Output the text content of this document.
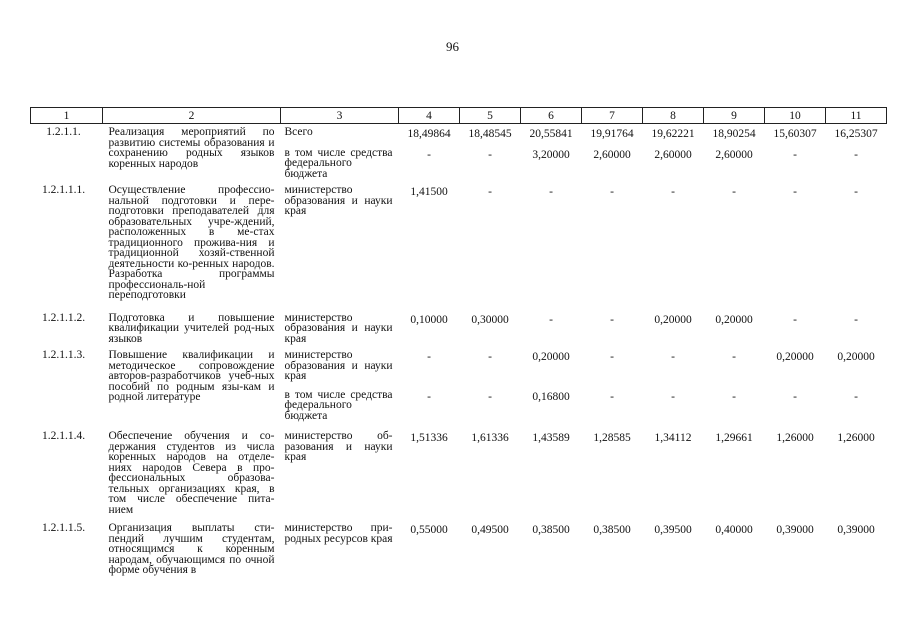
96
1	2	3	4	5	6	7	8	9	10	11
1.2.1.1.	Реализация мероприятий по развитию системы образования и сохранению родных языков коренных народов	Всего	18,49864	18,48545	20,55841	19,91764	19,62221	18,90254	15,60307	16,25307
		в том числе средства федерального бюджета	-	-	3,20000	2,60000	2,60000	2,60000	-	-
1.2.1.1.1.	Осуществление профессио-нальной подготовки и пере-подготовки преподавателей для образовательных учре-ждений, расположенных в ме-стах традиционного прожива-ния и традиционной хозяй-ственной деятельности ко-ренных народов. Разработка программы профессиональ-ной переподготовки	министерство образования и науки края	1,41500	-	-	-	-	-	-	-
1.2.1.1.2.	Подготовка и повышение квалификации учителей род-ных языков	министерство образования и науки края	0,10000	0,30000	-	-	0,20000	0,20000	-	-
1.2.1.1.3.	Повышение квалификации и методическое сопровождение авторов-разработчиков учеб-ных пособий по родным язы-кам и родной литературе	министерство образования и науки края	-	-	0,20000	-	-	-	0,20000	0,20000
		в том числе средства федерального бюджета	-	-	0,16800	-	-	-	-	-
1.2.1.1.4.	Обеспечение обучения и со-держания студентов из числа коренных народов на отделе-ниях народов Севера в про-фессиональных образова-тельных организациях края, в том числе обеспечение пита-нием	министерство об-разования и науки края	1,51336	1,61336	1,43589	1,28585	1,34112	1,29661	1,26000	1,26000
1.2.1.1.5.	Организация выплаты сти-пендий лучшим студентам, относящимся к коренным народам, обучающимся по очной форме обучения в	министерство при-родных ресурсов края	0,55000	0,49500	0,38500	0,38500	0,39500	0,40000	0,39000	0,39000
